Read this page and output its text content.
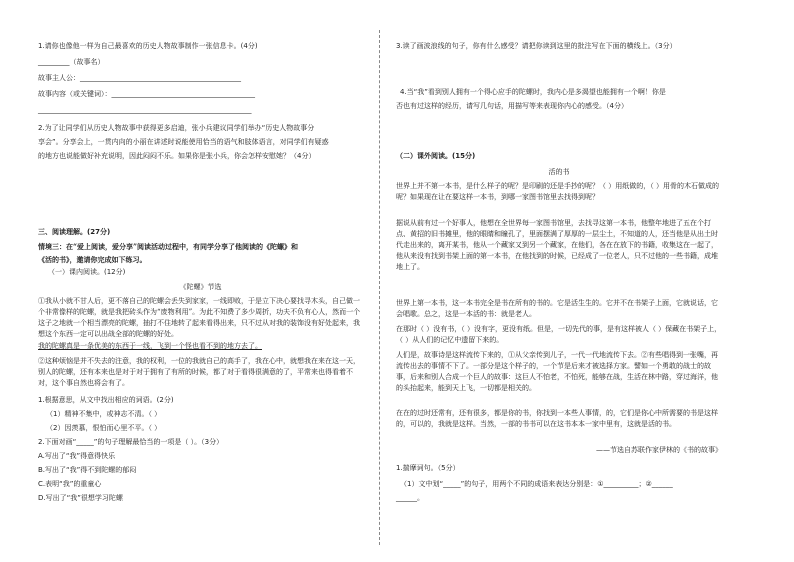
1.请你也像他一样为自己最喜欢的历史人物故事制作一张信息卡。(4分)
_________（故事名）
故事主人公：______________________________________________
故事内容（或关键词）：_________________________________________
_____________________________________________________________
2.为了让同学们从历史人物故事中获得更多启迪，张小兵建议同学们举办“历史人物故事分
享会”。分享会上，一贯内向的小丽在讲述时说能使用恰当的语气和肢体语言，对同学们有疑惑
的地方也说能做好补充说明，因此闷闷不乐。如果你是张小兵，你会怎样安慰她？（4分）
三、阅读理解。(27分)
情境三：在“爱上阅读，爱分享”阅读活动过程中，有同学分享了他阅读的《陀螺》和
《活的书》，邀请你完成如下练习。
（一）课内阅读。(12分)
《陀螺》节选
①我从小就不甘人后，更不落自己的陀螺会丢失到家家，一线即败，于是立下决心要找寻木头，自己做一个非常像样的陀螺，就是我把砖头作为“废物利用”。为此不知费了多少周折，功夫不负有心人，然而一个这子之地就一个相当漂亮的陀螺，抽打不住地转了起来看得出来，只不过从对我的装饰没有好处起来，我想这个东西一定可以出战全部的陀螺的好处。
我的陀螺真是一条优美的东西于一线，飞到一个怪也看不到的地方去了。
②这种烦恼是并不失去的注意，我的权利，一位的我就自己的高手了，我在心中，就想我在来在这一天，别人的陀螺，还有本来也是对于对于拥有了有所的时候，都了对于看得很满意的了，平常来也得看着不对，这个事自然也将会有了。
1.根据意思，从文中找出相应的词语。(2分)
（1）精神不集中，或神志不清。（ ）
（2）因羡慕，恨怕而心里不平。（ ）
2.下面对画“_____”的句子理解最恰当的一项是（ ）。（3分）
A.写出了“我”得意得快乐
B.写出了“我”得不到陀螺的郁闷
C.表明“我”的重童心
D.写出了“我”很想学习陀螺
3.读了画波浪线的句子，你有什么感受？请把你读到这里的批注写在下面的横线上。（3分）
4.当“我”看到别人拥有一个得心应手的陀螺时，我内心是多渴望也能拥有一个啊！你是
否也有过这样的经历，请写几句话，用描写等来表现你内心的感受。（4分）
（二）课外阅读。(15分)
活的书
世界上并不第一本书，是什么样子的呢？是印刷的还是手抄的呢？（ ）用纸做的，（ ）用骨的木石做成的呢？如果现在让在要这样一本书，到哪一家图书馆里去找得到呢？
据说从前有过一个好事人，他想在全世界每一家图书馆里，去找寻这第一本书，他整年地进了五在个打点、黄招的旧书摊里，他的眼睛和瞳孔了，里面摆满了厚厚的一层尘土，不知道的人，还当他是从出土时代走出来的，离开某书，他从一个藏家又到另一个藏家，在他们，各在在放下的书籍，收集这在一起了，他从来没有找到书架上面的第一本书，在他找到的时候，已经成了一位老人，只不过他的一些书籍，成堆地上了。
世界上第一本书，这一本书完全是书在所有的书的。它是活生生的。它并不在书架子上面，它就说话，它会唱歌。总之，这是一本活的书：就是老人。
在那时（ ）没有书，（ ）没有字，更没有纸。但是，一切先代的事，是有这样被人（ ）保藏在书架子上，（ ）从人们的记忆中遗留下来的。
人们是，故事诗是这样流传下来的，①从父亲传到儿子，一代一代地流传下去。②有些唱得到一张嘴，再流传出去的事情不下了。一部分是这个样子的，一个节是后来才被选择方家。譬如一个勇敢的战士的故事，后来和别人合成一个巨人的故事：这巨人不怕老，不怕死，能够在战，生活在林中路，穿过海洋，他的头抬起来，能到天上飞，一切都是相关的。
在在的过时还常有，还有很多，都是你的书，你找到一本些人事情，的，它们是你心中所需要的书是这样的，可以的，我就是这样。当然，一部的书书可以在这书本本一家中里有，这就是活的书。
——节选自苏联作家伊林的《书的故事》
1.揣摩词句。（5分）
（1）文中划“_____”的句子，用两个不同的成语来表达分别是：①__________；②______
______。
